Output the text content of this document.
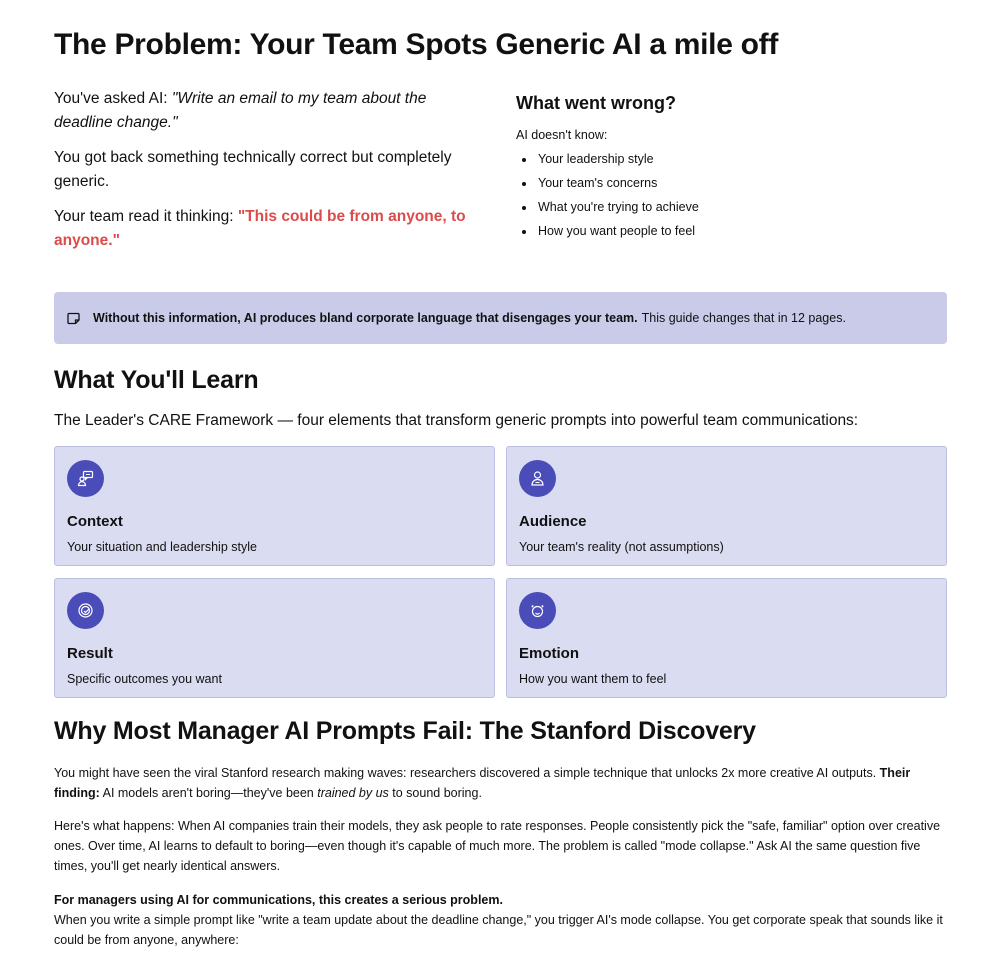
The Problem: Your Team Spots Generic AI a mile off

You've asked AI: "Write an email to my team about the deadline change."

You got back something technically correct but completely generic.

Your team read it thinking: "This could be from anyone, to anyone."

What went wrong?
AI doesn't know:
• Your leadership style
• Your team's concerns
• What you're trying to achieve
• How you want people to feel
Without this information, AI produces bland corporate language that disengages your team. This guide changes that in 12 pages.
What You'll Learn
The Leader's CARE Framework — four elements that transform generic prompts into powerful team communications:
Context
Your situation and leadership style
Audience
Your team's reality (not assumptions)
Result
Specific outcomes you want
Emotion
How you want them to feel
Why Most Manager AI Prompts Fail: The Stanford Discovery

You might have seen the viral Stanford research making waves: researchers discovered a simple technique that unlocks 2x more creative AI outputs. Their finding: AI models aren't boring—they've been trained by us to sound boring.

Here's what happens: When AI companies train their models, they ask people to rate responses. People consistently pick the "safe, familiar" option over creative ones. Over time, AI learns to default to boring—even though it's capable of much more. The problem is called "mode collapse." Ask AI the same question five times, you'll get nearly identical answers.

For managers using AI for communications, this creates a serious problem.
When you write a simple prompt like "write a team update about the deadline change," you trigger AI's mode collapse. You get corporate speak that sounds like it could be from anyone, anywhere:
